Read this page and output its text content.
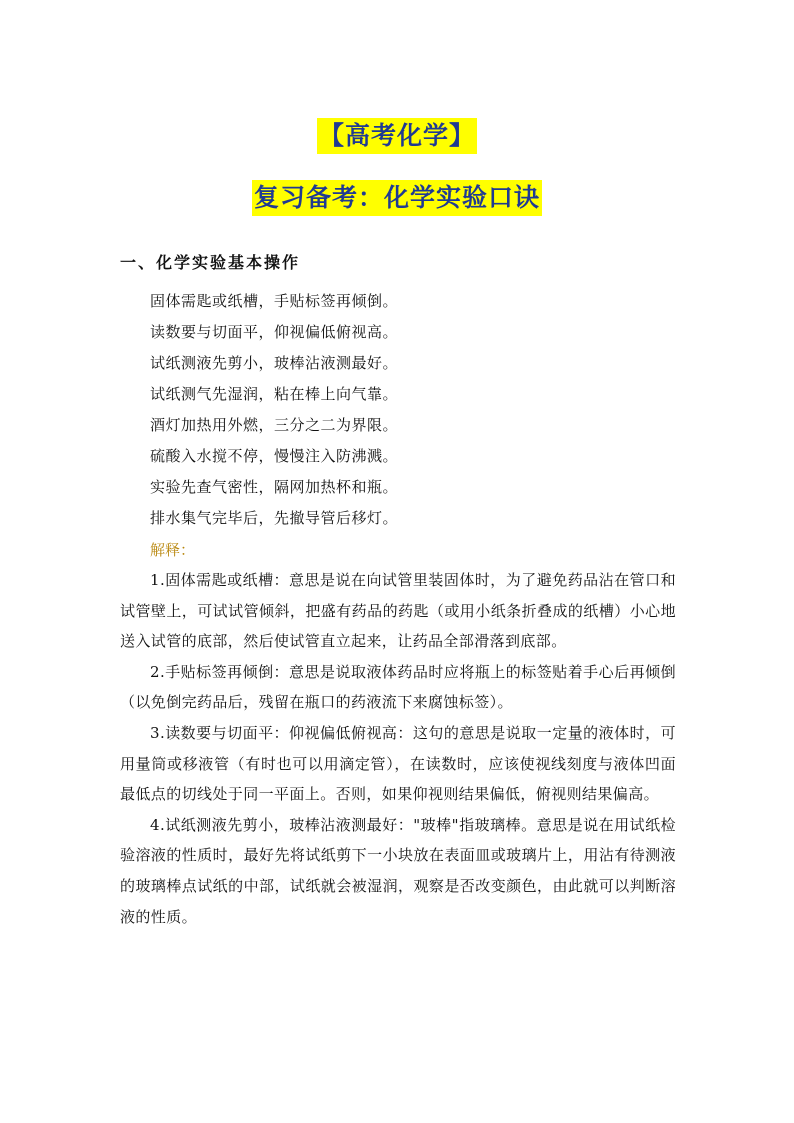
【高考化学】
复习备考：化学实验口诀
一、化学实验基本操作
固体需匙或纸槽，手贴标签再倾倒。
读数要与切面平，仰视偏低俯视高。
试纸测液先剪小，玻棒沾液测最好。
试纸测气先湿润，粘在棒上向气靠。
酒灯加热用外燃，三分之二为界限。
硫酸入水搅不停，慢慢注入防沸溅。
实验先查气密性，隔网加热杯和瓶。
排水集气完毕后，先撤导管后移灯。
解释：

1.固体需匙或纸槽：意思是说在向试管里装固体时，为了避免药品沾在管口和试管壁上，可试试管倾斜，把盛有药品的药匙（或用小纸条折叠成的纸槽）小心地送入试管的底部，然后使试管直立起来，让药品全部滑落到底部。

2.手贴标签再倾倒：意思是说取液体药品时应将瓶上的标签贴着手心后再倾倒（以免倒完药品后，残留在瓶口的药液流下来腐蚀标签）。

3.读数要与切面平：仰视偏低俯视高：这句的意思是说取一定量的液体时，可用量筒或移液管（有时也可以用滴定管），在读数时，应该使视线刻度与液体凹面最低点的切线处于同一平面上。否则，如果仰视则结果偏低，俯视则结果偏高。

4.试纸测液先剪小，玻棒沾液测最好："玻棒"指玻璃棒。意思是说在用试纸检验溶液的性质时，最好先将试纸剪下一小块放在表面皿或玻璃片上，用沾有待测液的玻璃棒点试纸的中部，试纸就会被湿润，观察是否改变颜色，由此就可以判断溶液的性质。
